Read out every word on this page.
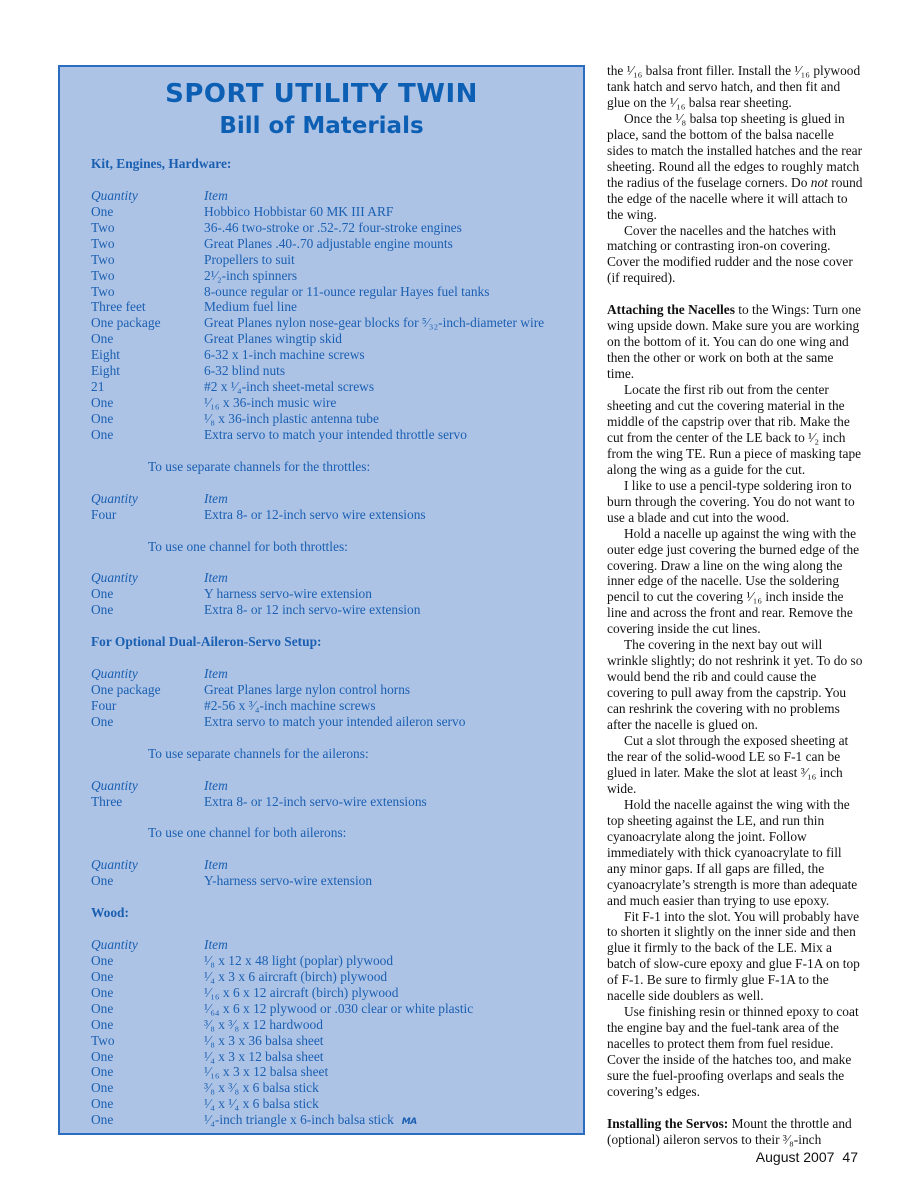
SPORT UTILITY TWIN
Bill of Materials
Kit, Engines, Hardware:
Quantity	Item
One	Hobbico Hobbistar 60 MK III ARF
Two	36-.46 two-stroke or .52-.72 four-stroke engines
Two	Great Planes .40-.70 adjustable engine mounts
Two	Propellers to suit
Two	2¹⁄₂-inch spinners
Two	8-ounce regular or 11-ounce regular Hayes fuel tanks
Three feet	Medium fuel line
One package	Great Planes nylon nose-gear blocks for ⁵⁄₃₂-inch-diameter wire
One	Great Planes wingtip skid
Eight	6-32 x 1-inch machine screws
Eight	6-32 blind nuts
21	#2 x ¹⁄₄-inch sheet-metal screws
One	¹⁄₁₆ x 36-inch music wire
One	¹⁄₈ x 36-inch plastic antenna tube
One	Extra servo to match your intended throttle servo
To use separate channels for the throttles:
Quantity	Item
Four	Extra 8- or 12-inch servo wire extensions
To use one channel for both throttles:
Quantity	Item
One	Y harness servo-wire extension
One	Extra 8- or 12 inch servo-wire extension
For Optional Dual-Aileron-Servo Setup:
Quantity	Item
One package	Great Planes large nylon control horns
Four	#2-56 x ³⁄₄-inch machine screws
One	Extra servo to match your intended aileron servo
To use separate channels for the ailerons:
Quantity	Item
Three	Extra 8- or 12-inch servo-wire extensions
To use one channel for both ailerons:
Quantity	Item
One	Y-harness servo-wire extension
Wood:
Quantity	Item
One	¹⁄₈ x 12 x 48 light (poplar) plywood
One	¹⁄₄ x 3 x 6 aircraft (birch) plywood
One	¹⁄₁₆ x 6 x 12 aircraft (birch) plywood
One	¹⁄₆₄ x 6 x 12 plywood or .030 clear or white plastic
One	³⁄₈ x ³⁄₈ x 12 hardwood
Two	¹⁄₈ x 3 x 36 balsa sheet
One	¹⁄₄ x 3 x 12 balsa sheet
One	¹⁄₁₆ x 3 x 12 balsa sheet
One	³⁄₈ x ³⁄₈ x 6 balsa stick
One	¹⁄₄ x ¹⁄₄ x 6 balsa stick
One	¹⁄₄-inch triangle x 6-inch balsa stick MA

the ¹⁄₁₆ balsa front filler. Install the ¹⁄₁₆ plywood tank hatch and servo hatch, and then fit and glue on the ¹⁄₁₆ balsa rear sheeting.

Once the ¹⁄₈ balsa top sheeting is glued in place, sand the bottom of the balsa nacelle sides to match the installed hatches and the rear sheeting. Round all the edges to roughly match the radius of the fuselage corners. Do not round the edge of the nacelle where it will attach to the wing.

Cover the nacelles and the hatches with matching or contrasting iron-on covering. Cover the modified rudder and the nose cover (if required).

Attaching the Nacelles to the Wings: Turn one wing upside down. Make sure you are working on the bottom of it. You can do one wing and then the other or work on both at the same time.

Locate the first rib out from the center sheeting and cut the covering material in the middle of the capstrip over that rib. Make the cut from the center of the LE back to ¹⁄₂ inch from the wing TE. Run a piece of masking tape along the wing as a guide for the cut.

I like to use a pencil-type soldering iron to burn through the covering. You do not want to use a blade and cut into the wood.

Hold a nacelle up against the wing with the outer edge just covering the burned edge of the covering. Draw a line on the wing along the inner edge of the nacelle. Use the soldering pencil to cut the covering ¹⁄₁₆ inch inside the line and across the front and rear. Remove the covering inside the cut lines.

The covering in the next bay out will wrinkle slightly; do not reshrink it yet. To do so would bend the rib and could cause the covering to pull away from the capstrip. You can reshrink the covering with no problems after the nacelle is glued on.

Cut a slot through the exposed sheeting at the rear of the solid-wood LE so F-1 can be glued in later. Make the slot at least ³⁄₁₆ inch wide.

Hold the nacelle against the wing with the top sheeting against the LE, and run thin cyanoacrylate along the joint. Follow immediately with thick cyanoacrylate to fill any minor gaps. If all gaps are filled, the cyanoacrylate’s strength is more than adequate and much easier than trying to use epoxy.

Fit F-1 into the slot. You will probably have to shorten it slightly on the inner side and then glue it firmly to the back of the LE. Mix a batch of slow-cure epoxy and glue F-1A on top of F-1. Be sure to firmly glue F-1A to the nacelle side doublers as well.

Use finishing resin or thinned epoxy to coat the engine bay and the fuel-tank area of the nacelles to protect them from fuel residue. Cover the inside of the hatches too, and make sure the fuel-proofing overlaps and seals the covering’s edges.

Installing the Servos: Mount the throttle and (optional) aileron servos to their ³⁄₈-inch

August 2007 47
